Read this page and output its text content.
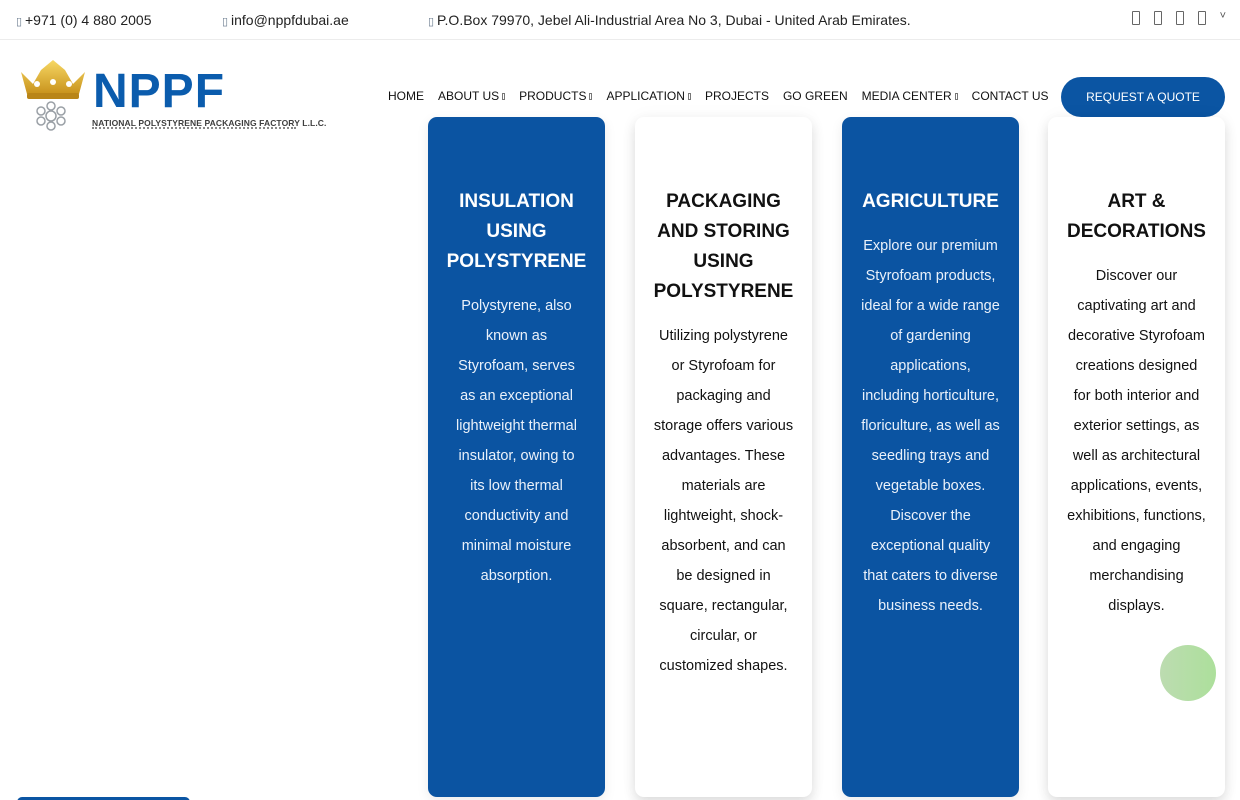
▯ +971 (0) 4 880 2005	▯ info@nppfdubai.ae	▯ P.O.Box 79970, Jebel Ali-Industrial Area No 3, Dubai - United Arab Emirates.	˅
NPPF
NATIONAL POLYSTYRENE PACKAGING FACTORY L.L.C.
HOME ABOUT US PRODUCTS APPLICATION PROJECTS GO GREEN MEDIA CENTER CONTACT US	REQUEST A QUOTE
INSULATION USING POLYSTYRENE

Polystyrene, also known as Styrofoam, serves as an exceptional lightweight thermal insulator, owing to its low thermal conductivity and minimal moisture absorption.

PACKAGING AND STORING USING POLYSTYRENE

Utilizing polystyrene or Styrofoam for packaging and storage offers various advantages. These materials are lightweight, shock-absorbent, and can be designed in square, rectangular, circular, or customized shapes.

AGRICULTURE

Explore our premium Styrofoam products, ideal for a wide range of gardening applications, including horticulture, floriculture, as well as seedling trays and vegetable boxes. Discover the exceptional quality that caters to diverse business needs.

ART & DECORATIONS

Discover our captivating art and decorative Styrofoam creations designed for both interior and exterior settings, as well as architectural applications, events, exhibitions, functions, and engaging merchandising displays.
